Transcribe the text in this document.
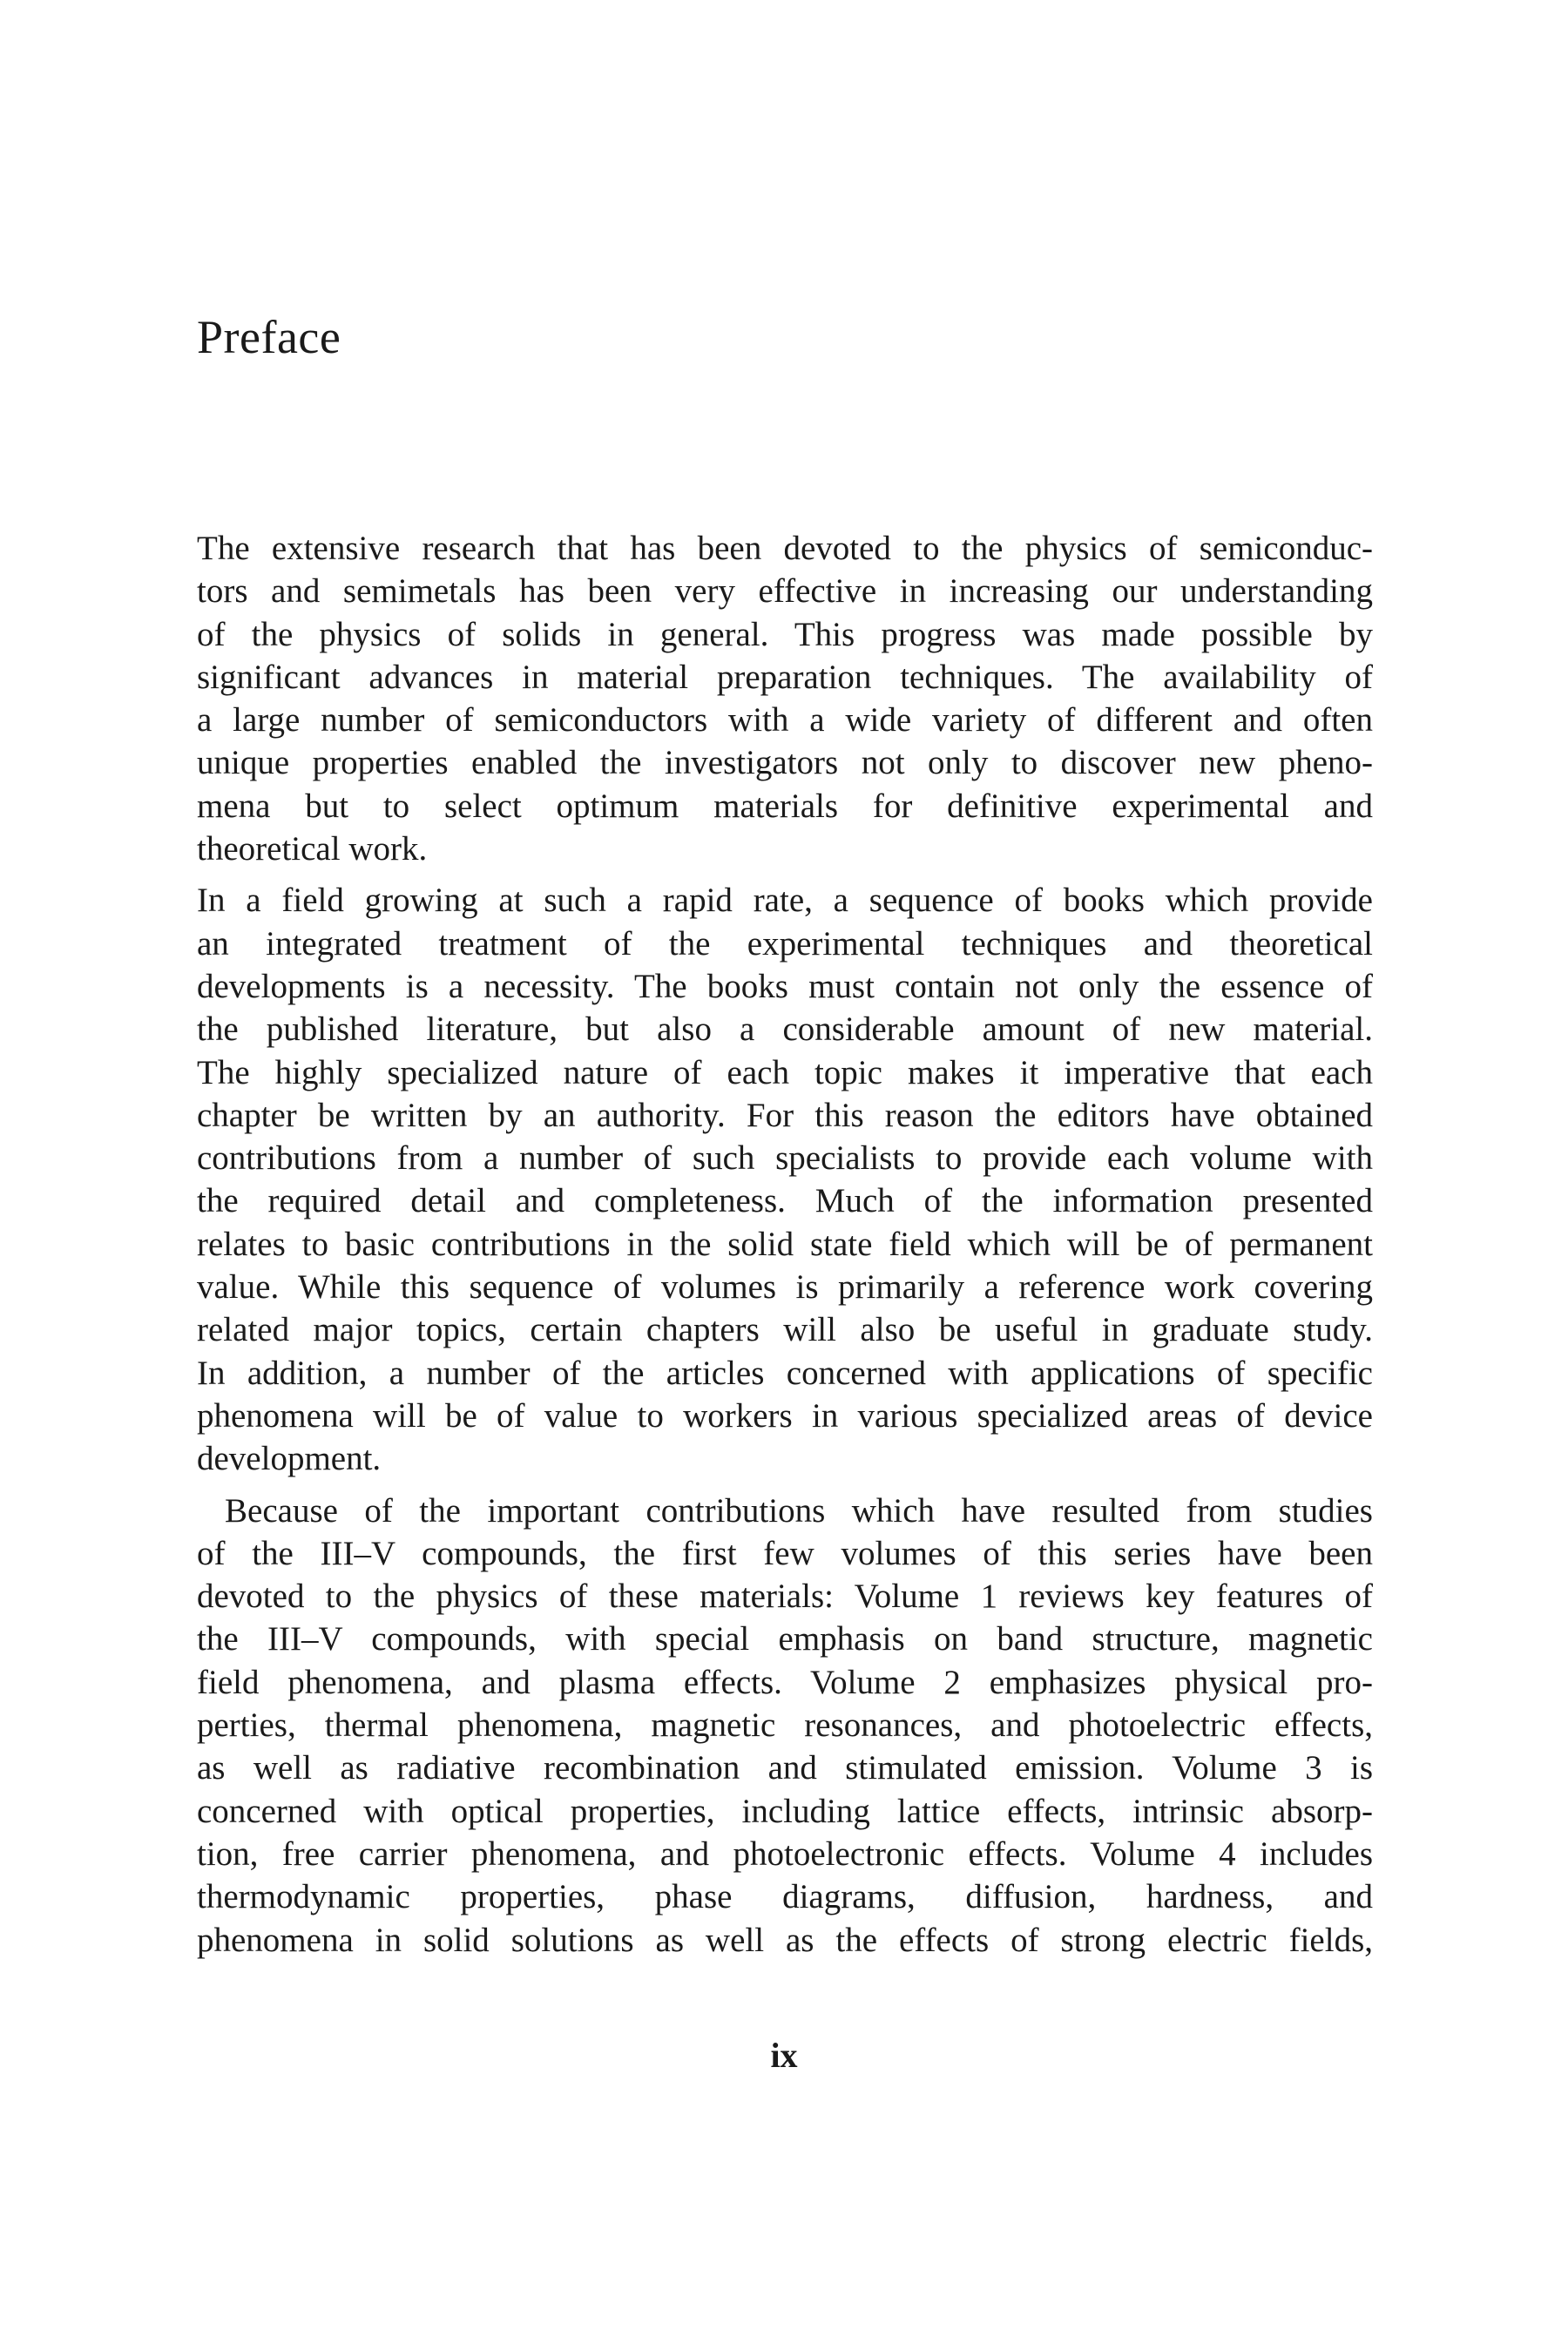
Preface
The extensive research that has been devoted to the physics of semiconduc-
tors and semimetals has been very effective in increasing our understanding
of the physics of solids in general. This progress was made possible by
significant advances in material preparation techniques. The availability of
a large number of semiconductors with a wide variety of different and often
unique properties enabled the investigators not only to discover new pheno-
mena but to select optimum materials for definitive experimental and
theoretical work.
In a field growing at such a rapid rate, a sequence of books which provide
an integrated treatment of the experimental techniques and theoretical
developments is a necessity. The books must contain not only the essence of
the published literature, but also a considerable amount of new material.
The highly specialized nature of each topic makes it imperative that each
chapter be written by an authority. For this reason the editors have obtained
contributions from a number of such specialists to provide each volume with
the required detail and completeness. Much of the information presented
relates to basic contributions in the solid state field which will be of permanent
value. While this sequence of volumes is primarily a reference work covering
related major topics, certain chapters will also be useful in graduate study.
In addition, a number of the articles concerned with applications of specific
phenomena will be of value to workers in various specialized areas of device
development.
Because of the important contributions which have resulted from studies
of the III–V compounds, the first few volumes of this series have been
devoted to the physics of these materials: Volume 1 reviews key features of
the III–V compounds, with special emphasis on band structure, magnetic
field phenomena, and plasma effects. Volume 2 emphasizes physical pro-
perties, thermal phenomena, magnetic resonances, and photoelectric effects,
as well as radiative recombination and stimulated emission. Volume 3 is
concerned with optical properties, including lattice effects, intrinsic absorp-
tion, free carrier phenomena, and photoelectronic effects. Volume 4 includes
thermodynamic properties, phase diagrams, diffusion, hardness, and
phenomena in solid solutions as well as the effects of strong electric fields,
ix
